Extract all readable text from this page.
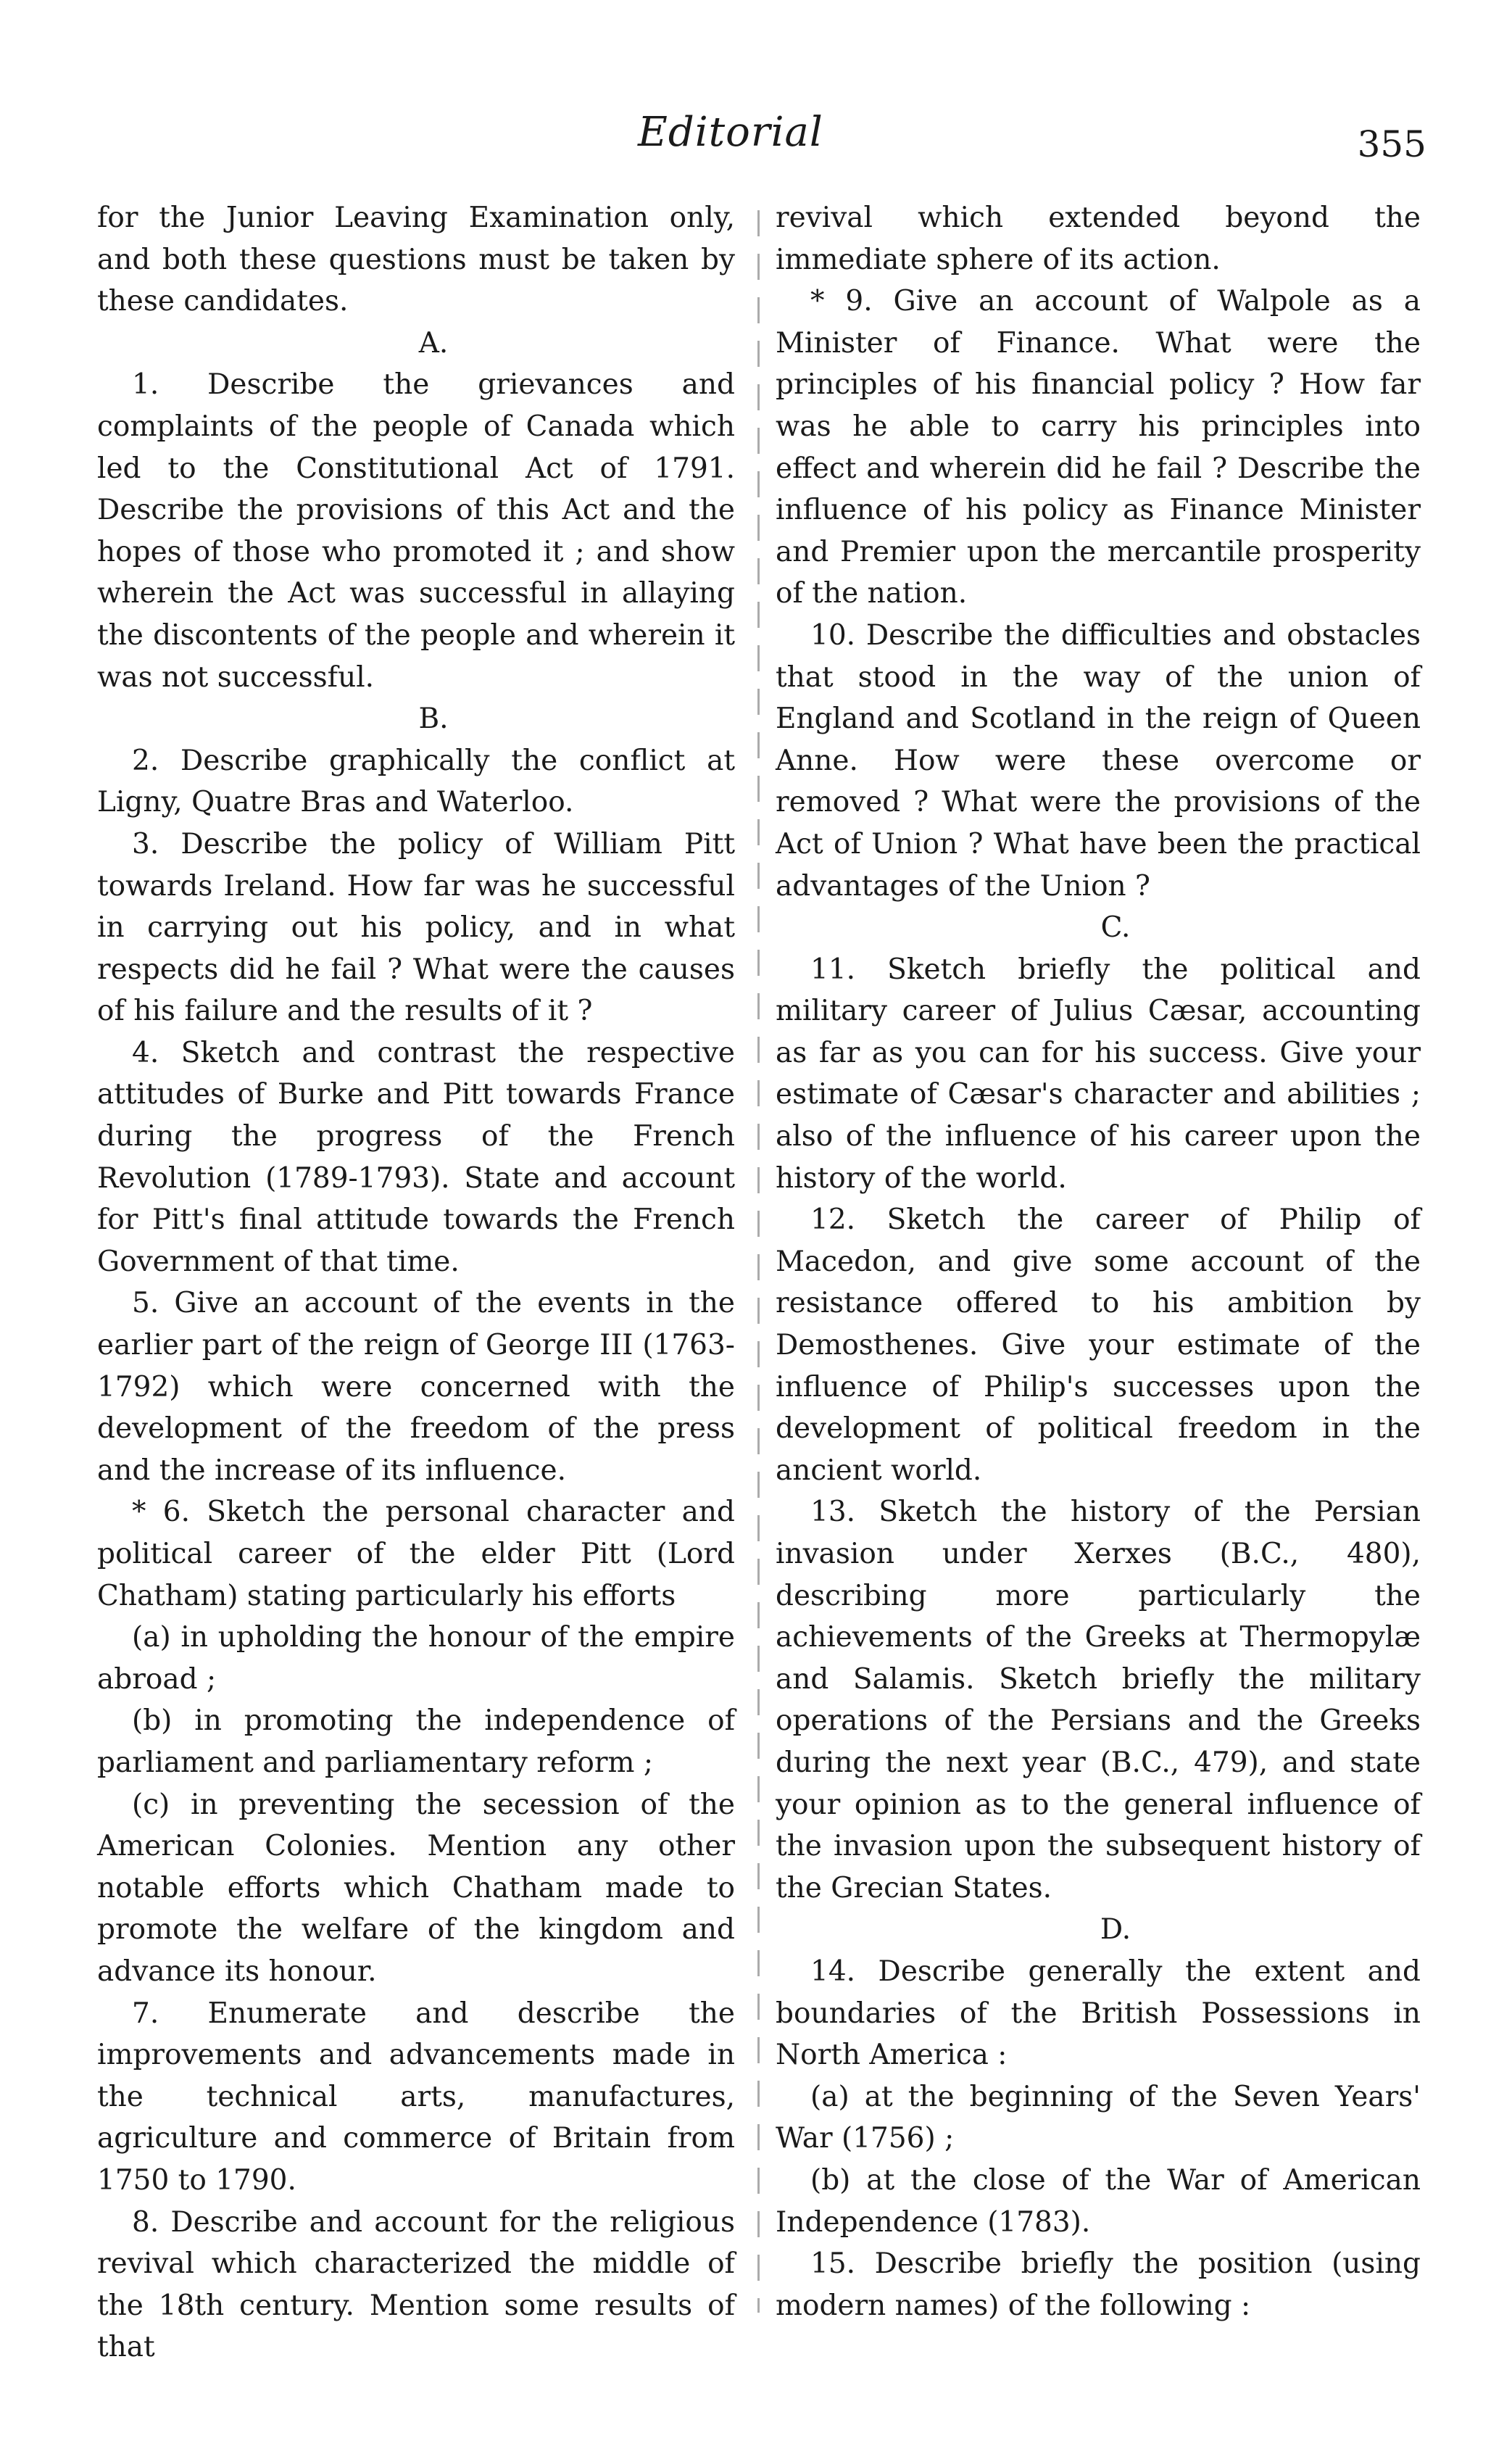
Editorial	355

for the Junior Leaving Examination only, and both these questions must be taken by these candidates.

A.

1. Describe the grievances and complaints of the people of Canada which led to the Constitutional Act of 1791. Describe the provisions of this Act and the hopes of those who promoted it ; and show wherein the Act was successful in allaying the discontents of the people and wherein it was not successful.

B.

2. Describe graphically the conflict at Ligny, Quatre Bras and Waterloo.

3. Describe the policy of William Pitt towards Ireland. How far was he successful in carrying out his policy, and in what respects did he fail ? What were the causes of his failure and the results of it ?

4. Sketch and contrast the respective attitudes of Burke and Pitt towards France during the progress of the French Revolution (1789-1793). State and account for Pitt's final attitude towards the French Government of that time.

5. Give an account of the events in the earlier part of the reign of George III (1763-1792) which were concerned with the development of the freedom of the press and the increase of its influence.

* 6. Sketch the personal character and political career of the elder Pitt (Lord Chatham) stating particularly his efforts

(a) in upholding the honour of the empire abroad ;

(b) in promoting the independence of parliament and parliamentary reform ;

(c) in preventing the secession of the American Colonies. Mention any other notable efforts which Chatham made to promote the welfare of the kingdom and advance its honour.

7. Enumerate and describe the improvements and advancements made in the technical arts, manufactures, agriculture and commerce of Britain from 1750 to 1790.

8. Describe and account for the religious revival which characterized the middle of the 18th century. Mention some results of that

revival which extended beyond the immediate sphere of its action.

* 9. Give an account of Walpole as a Minister of Finance. What were the principles of his financial policy ? How far was he able to carry his principles into effect and wherein did he fail ? Describe the influence of his policy as Finance Minister and Premier upon the mercantile prosperity of the nation.

10. Describe the difficulties and obstacles that stood in the way of the union of England and Scotland in the reign of Queen Anne. How were these overcome or removed ? What were the provisions of the Act of Union ? What have been the practical advantages of the Union ?

C.

11. Sketch briefly the political and military career of Julius Cæsar, accounting as far as you can for his success. Give your estimate of Cæsar's character and abilities ; also of the influence of his career upon the history of the world.

12. Sketch the career of Philip of Macedon, and give some account of the resistance offered to his ambition by Demosthenes. Give your estimate of the influence of Philip's successes upon the development of political freedom in the ancient world.

13. Sketch the history of the Persian invasion under Xerxes (B.C., 480), describing more particularly the achievements of the Greeks at Thermopylæ and Salamis. Sketch briefly the military operations of the Persians and the Greeks during the next year (B.C., 479), and state your opinion as to the general influence of the invasion upon the subsequent history of the Grecian States.

D.

14. Describe generally the extent and boundaries of the British Possessions in North America :

(a) at the beginning of the Seven Years' War (1756) ;

(b) at the close of the War of American Independence (1783).

15. Describe briefly the position (using modern names) of the following :
